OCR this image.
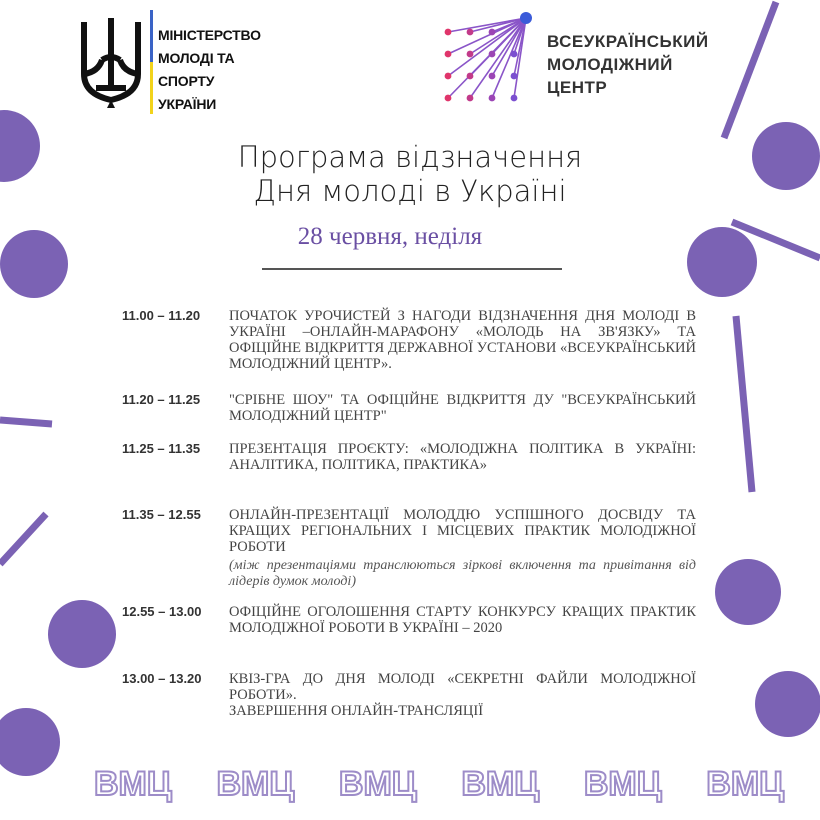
МІНІСТЕРСТВО
МОЛОДІ ТА СПОРТУ
УКРАЇНИ
ВСЕУКРАЇНСЬКИЙ
МОЛОДІЖНИЙ
ЦЕНТР
Програма відзначення
Дня молоді в Україні
28 червня, неділя
11.00 – 11.20	ПОЧАТОК УРОЧИСТЕЙ З НАГОДИ ВІДЗНАЧЕННЯ ДНЯ МОЛОДІ В УКРАЇНІ –ОНЛАЙН-МАРАФОНУ «МОЛОДЬ НА ЗВ'ЯЗКУ» ТА ОФІЦІЙНЕ ВІДКРИТТЯ ДЕРЖАВНОЇ УСТАНОВИ «ВСЕУКРАЇНСЬКИЙ МОЛОДІЖНИЙ ЦЕНТР».
11.20 – 11.25	"СРІБНЕ ШОУ" ТА ОФІЦІЙНЕ ВІДКРИТТЯ ДУ "ВСЕУКРАЇНСЬКИЙ МОЛОДІЖНИЙ ЦЕНТР"
11.25 – 11.35	ПРЕЗЕНТАЦІЯ ПРОЄКТУ: «МОЛОДІЖНА ПОЛІТИКА В УКРАЇНІ: АНАЛІТИКА, ПОЛІТИКА, ПРАКТИКА»
11.35 – 12.55	ОНЛАЙН-ПРЕЗЕНТАЦІЇ МОЛОДДЮ УСПІШНОГО ДОСВІДУ ТА КРАЩИХ РЕГІОНАЛЬНИХ І МІСЦЕВИХ ПРАКТИК МОЛОДІЖНОЇ РОБОТИ
(між презентаціями транслюються зіркові включення та привітання від лідерів думок молоді)
12.55 – 13.00	ОФІЦІЙНЕ ОГОЛОШЕННЯ СТАРТУ КОНКУРСУ КРАЩИХ ПРАКТИК МОЛОДІЖНОЇ РОБОТИ В УКРАЇНІ – 2020
13.00 – 13.20	КВІЗ-ГРА ДО ДНЯ МОЛОДІ «СЕКРЕТНІ ФАЙЛИ МОЛОДІЖНОЇ РОБОТИ».
ЗАВЕРШЕННЯ ОНЛАЙН-ТРАНСЛЯЦІЇ
ВМЦ ВМЦ ВМЦ ВМЦ ВМЦ ВМЦ
